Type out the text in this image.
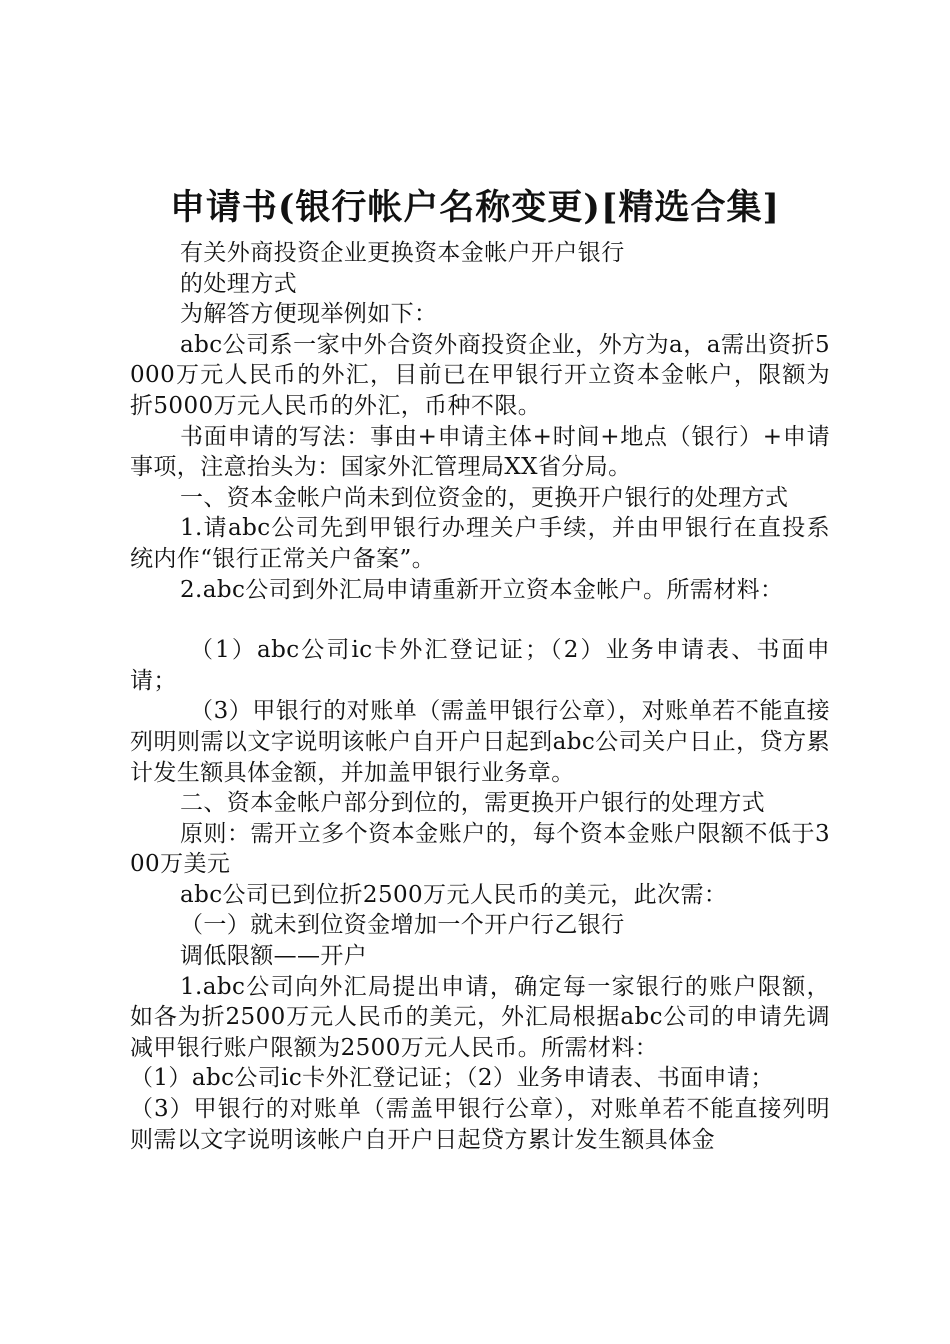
申请书(银行帐户名称变更)[精选合集]

有关外商投资企业更换资本金帐户开户银行

的处理方式

为解答方便现举例如下：

abc公司系一家中外合资外商投资企业，外方为a，a需出资折5000万元人民币的外汇，目前已在甲银行开立资本金帐户，限额为折5000万元人民币的外汇，币种不限。

书面申请的写法：事由+申请主体+时间+地点（银行）+申请事项，注意抬头为：国家外汇管理局XX省分局。

一、资本金帐户尚未到位资金的，更换开户银行的处理方式

1.请abc公司先到甲银行办理关户手续，并由甲银行在直投系统内作“银行正常关户备案”。

2.abc公司到外汇局申请重新开立资本金帐户。所需材料：

（1）abc公司ic卡外汇登记证；（2）业务申请表、书面申请；

（3）甲银行的对账单（需盖甲银行公章），对账单若不能直接列明则需以文字说明该帐户自开户日起到abc公司关户日止，贷方累计发生额具体金额，并加盖甲银行业务章。

二、资本金帐户部分到位的，需更换开户银行的处理方式

原则：需开立多个资本金账户的，每个资本金账户限额不低于300万美元

abc公司已到位折2500万元人民币的美元，此次需：

（一）就未到位资金增加一个开户行乙银行

调低限额——开户

1.abc公司向外汇局提出申请，确定每一家银行的账户限额，如各为折2500万元人民币的美元，外汇局根据abc公司的申请先调减甲银行账户限额为2500万元人民币。所需材料：

（1）abc公司ic卡外汇登记证；（2）业务申请表、书面申请；

（3）甲银行的对账单（需盖甲银行公章），对账单若不能直接列明则需以文字说明该帐户自开户日起贷方累计发生额具体金
